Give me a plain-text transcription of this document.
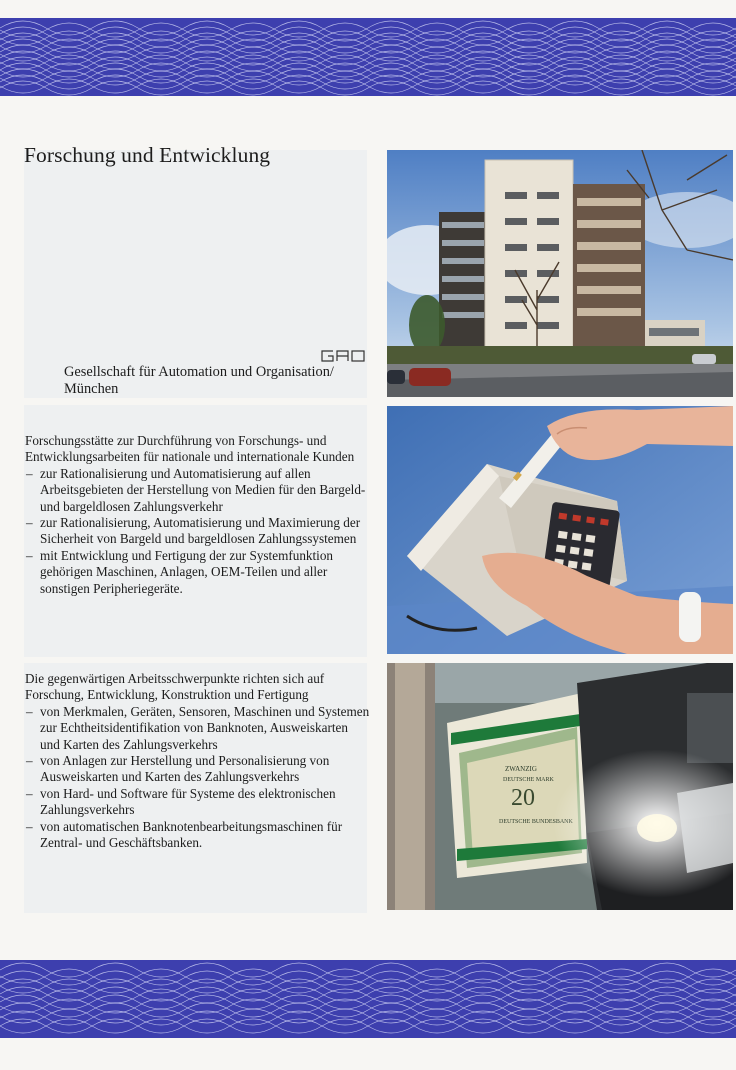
Forschung und Entwicklung
Gesellschaft für Automation und Organisation/ München

Forschungsstätte zur Durchführung von Forschungs- und Entwicklungsarbeiten für nationale und internationale Kunden

– zur Rationalisierung und Automatisierung auf allen Arbeitsgebieten der Herstellung von Medien für den Bargeld- und bargeldlosen Zahlungsverkehr
– zur Rationalisierung, Automatisierung und Maximierung der Sicherheit von Bargeld und bargeldlosen Zahlungssystemen
– mit Entwicklung und Fertigung der zur Systemfunktion gehörigen Maschinen, Anlagen, OEM-Teilen und aller sonstigen Peripheriegeräte.

Die gegenwärtigen Arbeitsschwerpunkte richten sich auf Forschung, Entwicklung, Konstruktion und Fertigung

– von Merkmalen, Geräten, Sensoren, Maschinen und Systemen zur Echtheitsidentifikation von Banknoten, Ausweiskarten und Karten des Zahlungsverkehrs
– von Anlagen zur Herstellung und Personalisierung von Ausweiskarten und Karten des Zahlungsverkehrs
– von Hard- und Software für Systeme des elektronischen Zahlungsverkehrs
– von automatischen Banknotenbearbeitungsmaschinen für Zentral- und Geschäftsbanken.
